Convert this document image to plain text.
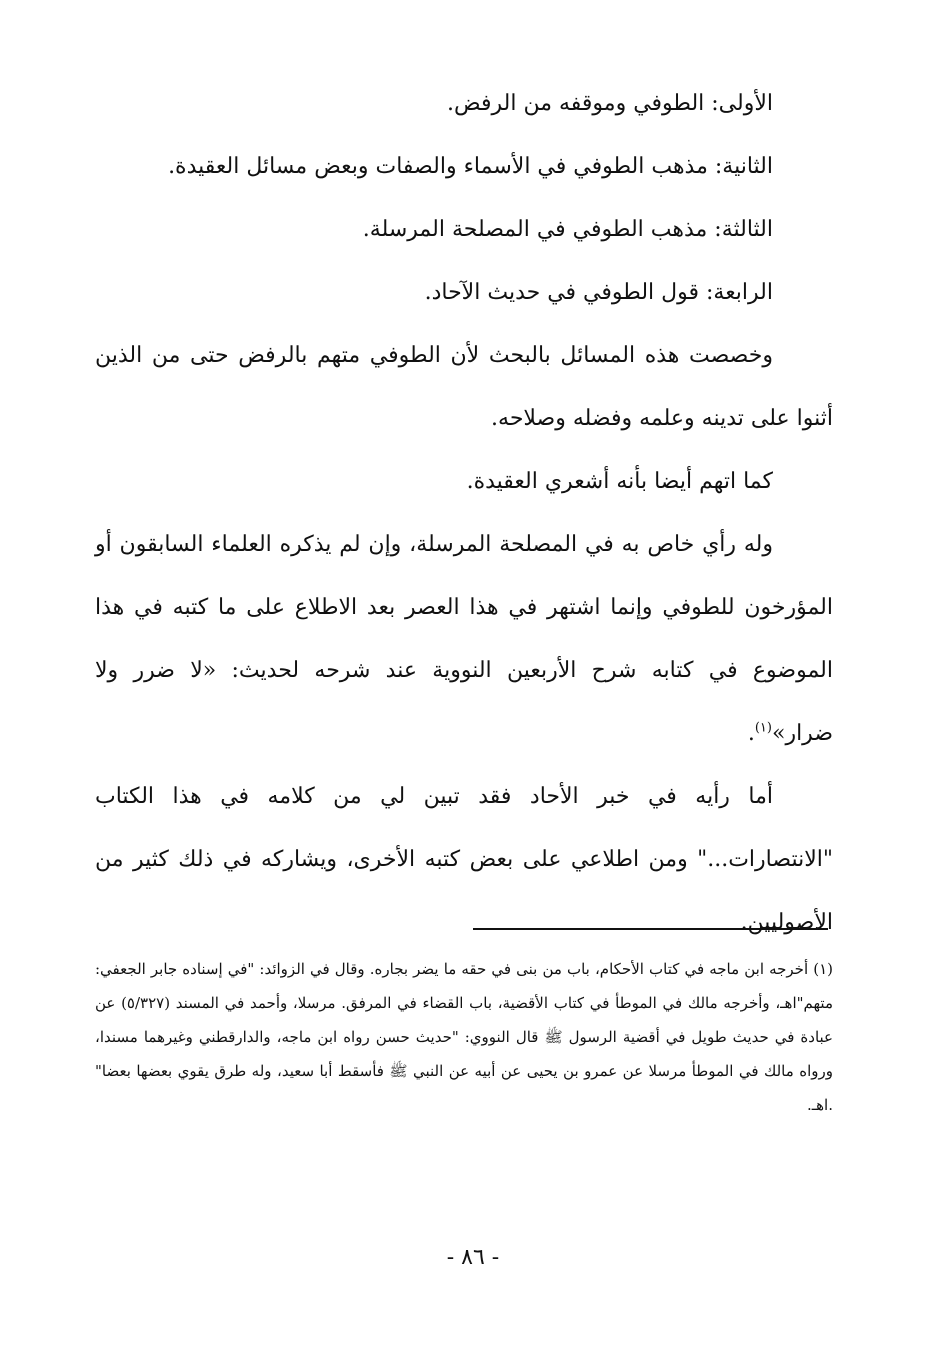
الأولى: الطوفي وموقفه من الرفض.

الثانية: مذهب الطوفي في الأسماء والصفات وبعض مسائل العقيدة.

الثالثة: مذهب الطوفي في المصلحة المرسلة.

الرابعة: قول الطوفي في حديث الآحاد.

وخصصت هذه المسائل بالبحث لأن الطوفي متهم بالرفض حتى من الذين أثنوا على تدينه وعلمه وفضله وصلاحه.

كما اتهم أيضا بأنه أشعري العقيدة.

وله رأي خاص به في المصلحة المرسلة، وإن لم يذكره العلماء السابقون أو المؤرخون للطوفي وإنما اشتهر في هذا العصر بعد الاطلاع على ما كتبه في هذا الموضوع في كتابه شرح الأربعين النووية عند شرحه لحديث: «لا ضرر ولا ضرار»$^{(١)}$.

أما رأيه في خبر الأحاد فقد تبين لي من كلامه في هذا الكتاب "الانتصارات..." ومن اطلاعي على بعض كتبه الأخرى، ويشاركه في ذلك كثير من الأصوليين.

(١) أخرجه ابن ماجه في كتاب الأحكام، باب من بنى في حقه ما يضر بجاره. وقال في الزوائد: "في إسناده جابر الجعفي: متهم"اهـ، وأخرجه مالك في الموطأ في كتاب الأقضية، باب القضاء في المرفق. مرسلا، وأحمد في المسند (٥/٣٢٧) عن عبادة في حديث طويل في أقضية الرسول ﷺ قال النووي: "حديث حسن رواه ابن ماجه، والدارقطني وغيرهما مسندا، ورواه مالك في الموطأ مرسلا عن عمرو بن يحيى عن أبيه عن النبي ﷺ فأسقط أبا سعيد، وله طرق يقوي بعضها بعضا" .اهـ.

- ٨٦ -
